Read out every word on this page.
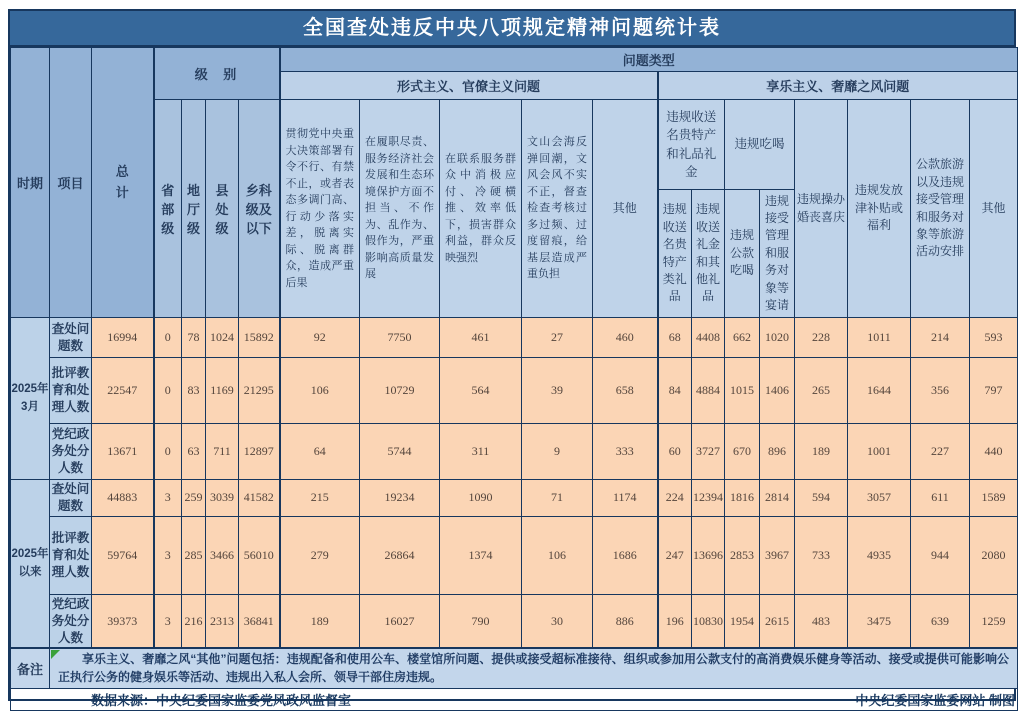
全国查处违反中央八项规定精神问题统计表
时期	项目	总计	级 别				问题类型												
							形式主义、官僚主义问题					享乐主义、奢靡之风问题							
			省部级	地厅级	县处级	乡科级及以下	贯彻党中央重大决策部署有令不行、有禁不止，或者表态多调门高、行动少落实差，脱离实际、脱离群众，造成严重后果	在履职尽责、服务经济社会发展和生态环境保护方面不担当、不作为、乱作为、假作为，严重影响高质量发展	在联系服务群众中消极应付、冷硬横推、效率低下，损害群众利益，群众反映强烈	文山会海反弹回潮，文风会风不实不正，督查检查考核过多过频、过度留痕，给基层造成严重负担	其他	违规收送名贵特产和礼品礼金		违规吃喝		违规操办婚丧喜庆	违规发放津补贴或福利	公款旅游以及违规接受管理和服务对象等旅游活动安排	其他
												违规收送名贵特产类礼品	违规收送礼金和其他礼品	违规公款吃喝	违规接受管理和服务对象等宴请				
2025年3月	查处问题数	16994	0	78	1024	15892	92	7750	461	27	460	68	4408	662	1020	228	1011	214	593
	批评教育和处理人数	22547	0	83	1169	21295	106	10729	564	39	658	84	4884	1015	1406	265	1644	356	797
	党纪政务处分人数	13671	0	63	711	12897	64	5744	311	9	333	60	3727	670	896	189	1001	227	440
2025年以来	查处问题数	44883	3	259	3039	41582	215	19234	1090	71	1174	224	12394	1816	2814	594	3057	611	1589
	批评教育和处理人数	59764	3	285	3466	56010	279	26864	1374	106	1686	247	13696	2853	3967	733	4935	944	2080
	党纪政务处分人数	39373	3	216	2313	36841	189	16027	790	30	886	196	10830	1954	2615	483	3475	639	1259
备注	享乐主义、奢靡之风“其他”问题包括：违规配备和使用公车、楼堂馆所问题、提供或接受超标准接待、组织或参加用公款支付的高消费娱乐健身等活动、接受或提供可能影响公正执行公务的健身娱乐等活动、违规出入私人会所、领导干部住房违规。																		

数据来源：中央纪委国家监委党风政风监督室 中央纪委国家监委网站 制图																			
